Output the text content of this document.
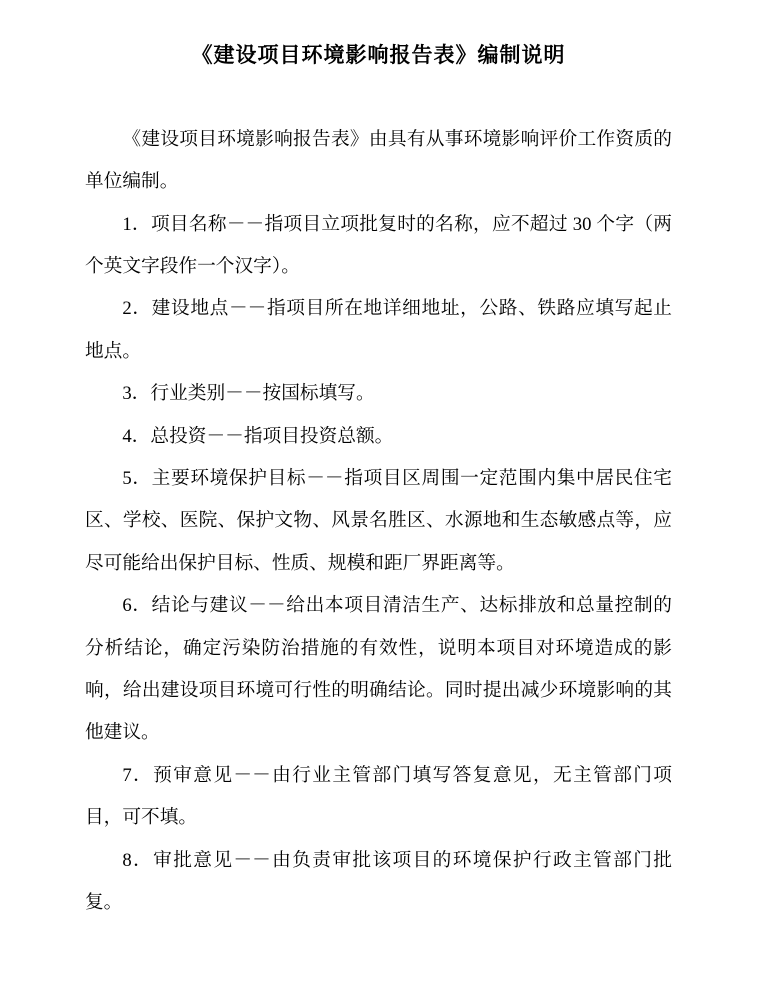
《建设项目环境影响报告表》编制说明

《建设项目环境影响报告表》由具有从事环境影响评价工作资质的单位编制。

1．项目名称－－指项目立项批复时的名称，应不超过 30 个字（两个英文字段作一个汉字）。

2．建设地点－－指项目所在地详细地址，公路、铁路应填写起止地点。

3．行业类别－－按国标填写。

4．总投资－－指项目投资总额。

5．主要环境保护目标－－指项目区周围一定范围内集中居民住宅区、学校、医院、保护文物、风景名胜区、水源地和生态敏感点等，应尽可能给出保护目标、性质、规模和距厂界距离等。

6．结论与建议－－给出本项目清洁生产、达标排放和总量控制的分析结论，确定污染防治措施的有效性，说明本项目对环境造成的影响，给出建设项目环境可行性的明确结论。同时提出减少环境影响的其他建议。

7．预审意见－－由行业主管部门填写答复意见，无主管部门项目，可不填。

8．审批意见－－由负责审批该项目的环境保护行政主管部门批复。
